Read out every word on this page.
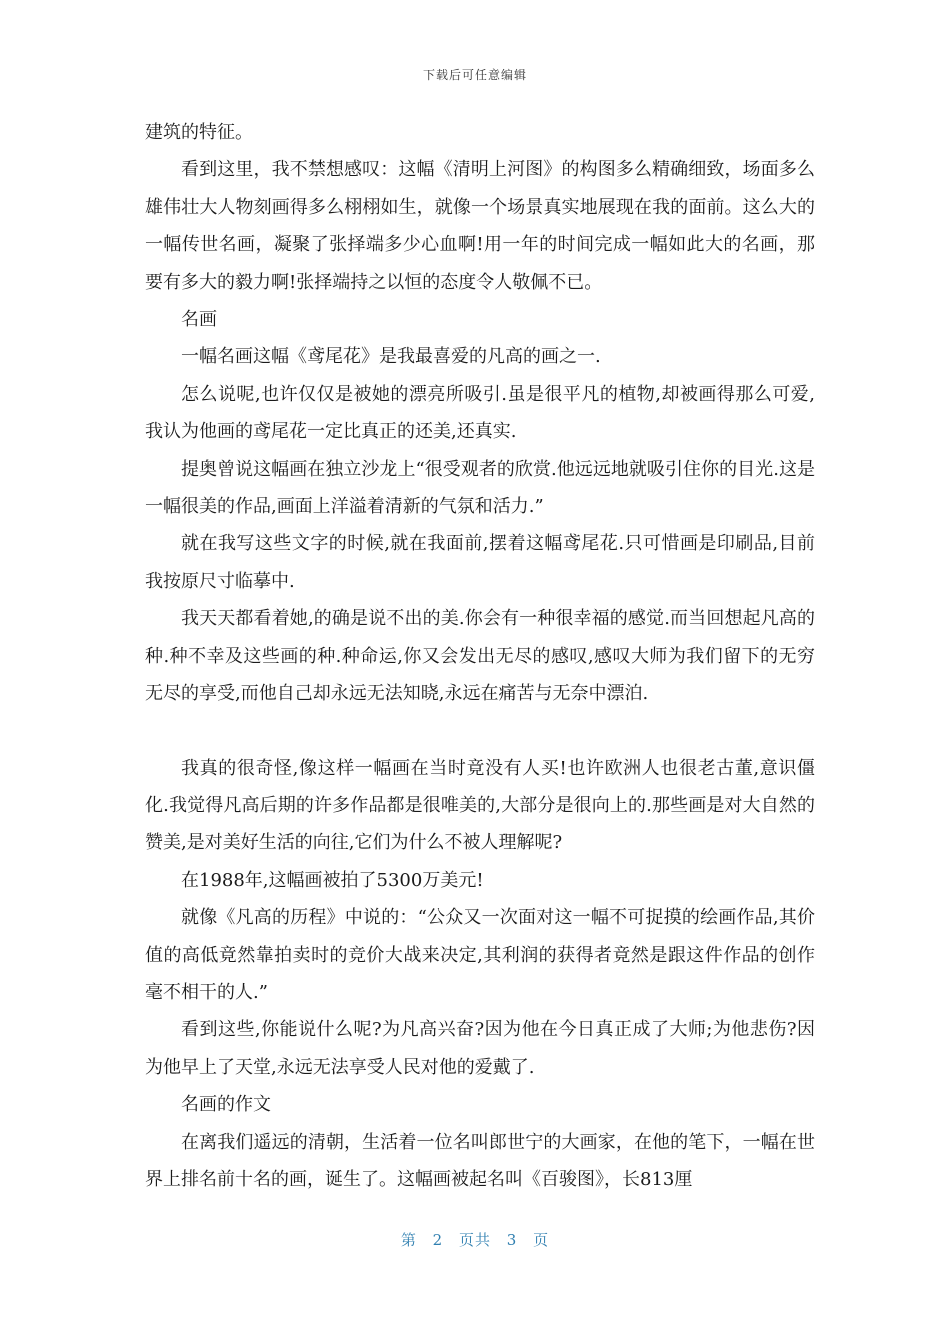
下载后可任意编辑

建筑的特征。

看到这里，我不禁想感叹：这幅《清明上河图》的构图多么精确细致，场面多么雄伟壮大人物刻画得多么栩栩如生，就像一个场景真实地展现在我的面前。这么大的一幅传世名画，凝聚了张择端多少心血啊!用一年的时间完成一幅如此大的名画，那要有多大的毅力啊!张择端持之以恒的态度令人敬佩不已。

名画

一幅名画这幅《鸢尾花》是我最喜爱的凡高的画之一.

怎么说呢,也许仅仅是被她的漂亮所吸引.虽是很平凡的植物,却被画得那么可爱,我认为他画的鸢尾花一定比真正的还美,还真实.

提奥曾说这幅画在独立沙龙上“很受观者的欣赏.他远远地就吸引住你的目光.这是一幅很美的作品,画面上洋溢着清新的气氛和活力.”

就在我写这些文字的时候,就在我面前,摆着这幅鸢尾花.只可惜画是印刷品,目前我按原尺寸临摹中.

我天天都看着她,的确是说不出的美.你会有一种很幸福的感觉.而当回想起凡高的种.种不幸及这些画的种.种命运,你又会发出无尽的感叹,感叹大师为我们留下的无穷无尽的享受,而他自己却永远无法知晓,永远在痛苦与无奈中漂泊.

我真的很奇怪,像这样一幅画在当时竟没有人买!也许欧洲人也很老古董,意识僵化.我觉得凡高后期的许多作品都是很唯美的,大部分是很向上的.那些画是对大自然的赞美,是对美好生活的向往,它们为什么不被人理解呢?

在1988年,这幅画被拍了5300万美元!

就像《凡高的历程》中说的：“公众又一次面对这一幅不可捉摸的绘画作品,其价值的高低竟然靠拍卖时的竞价大战来决定,其利润的获得者竟然是跟这件作品的创作毫不相干的人.”

看到这些,你能说什么呢?为凡高兴奋?因为他在今日真正成了大师;为他悲伤?因为他早上了天堂,永远无法享受人民对他的爱戴了.

名画的作文

在离我们遥远的清朝，生活着一位名叫郎世宁的大画家，在他的笔下，一幅在世界上排名前十名的画，诞生了。这幅画被起名叫《百骏图》，长813厘

第 2 页共 3 页
